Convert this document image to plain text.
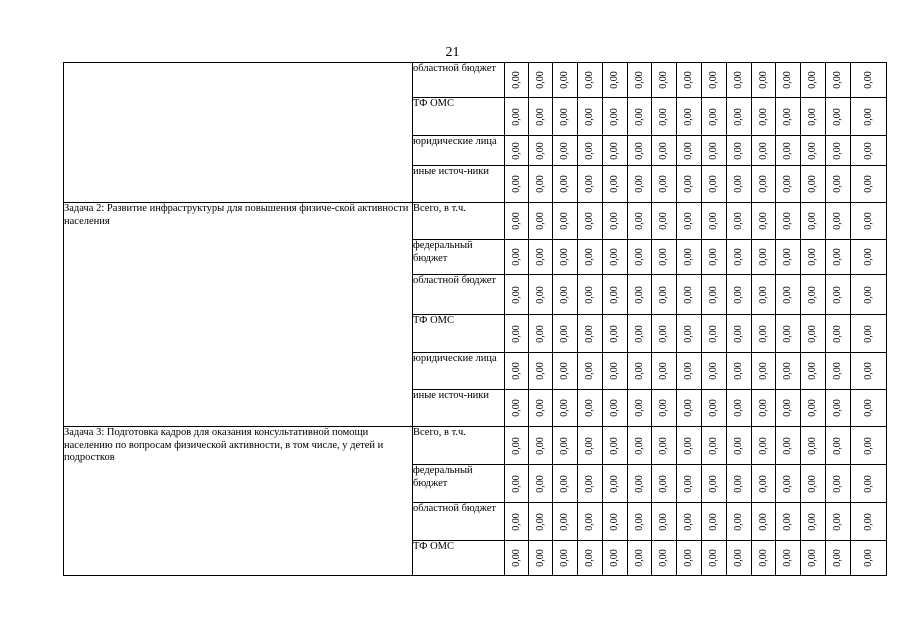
21
	областной бюджет	0,00	0,00	0,00	0,00	0,00	0,00	0,00	0,00	0,00	0,00	0,00	0,00	0,00	0,00	0,00

	ТФ ОМС	0,00	0,00	0,00	0,00	0,00	0,00	0,00	0,00	0,00	0,00	0,00	0,00	0,00	0,00	0,00

	юридические лица	0,00	0,00	0,00	0,00	0,00	0,00	0,00	0,00	0,00	0,00	0,00	0,00	0,00	0,00	0,00

	иные источ-ники	0,00	0,00	0,00	0,00	0,00	0,00	0,00	0,00	0,00	0,00	0,00	0,00	0,00	0,00	0,00

Задача 2: Развитие инфраструктуры для повышения физиче-ской активности населения	Всего, в т.ч.	0,00	0,00	0,00	0,00	0,00	0,00	0,00	0,00	0,00	0,00	0,00	0,00	0,00	0,00	0,00

	федеральный бюджет	0,00	0,00	0,00	0,00	0,00	0,00	0,00	0,00	0,00	0,00	0,00	0,00	0,00	0,00	0,00

	областной бюджет	0,00	0,00	0,00	0,00	0,00	0,00	0,00	0,00	0,00	0,00	0,00	0,00	0,00	0,00	0,00

	ТФ ОМС	0,00	0,00	0,00	0,00	0,00	0,00	0,00	0,00	0,00	0,00	0,00	0,00	0,00	0,00	0,00

	юридические лица	0,00	0,00	0,00	0,00	0,00	0,00	0,00	0,00	0,00	0,00	0,00	0,00	0,00	0,00	0,00

	иные источ-ники	0,00	0,00	0,00	0,00	0,00	0,00	0,00	0,00	0,00	0,00	0,00	0,00	0,00	0,00	0,00

Задача 3: Подготовка кадров для оказания консультативной помощи населению по вопросам физической активности, в том числе, у детей и подростков	Всего, в т.ч.	0,00	0,00	0,00	0,00	0,00	0,00	0,00	0,00	0,00	0,00	0,00	0,00	0,00	0,00	0,00

	федеральный бюджет	0,00	0,00	0,00	0,00	0,00	0,00	0,00	0,00	0,00	0,00	0,00	0,00	0,00	0,00	0,00

	областной бюджет	0,00	0,00	0,00	0,00	0,00	0,00	0,00	0,00	0,00	0,00	0,00	0,00	0,00	0,00	0,00

	ТФ ОМС	0,00	0,00	0,00	0,00	0,00	0,00	0,00	0,00	0,00	0,00	0,00	0,00	0,00	0,00	0,00
